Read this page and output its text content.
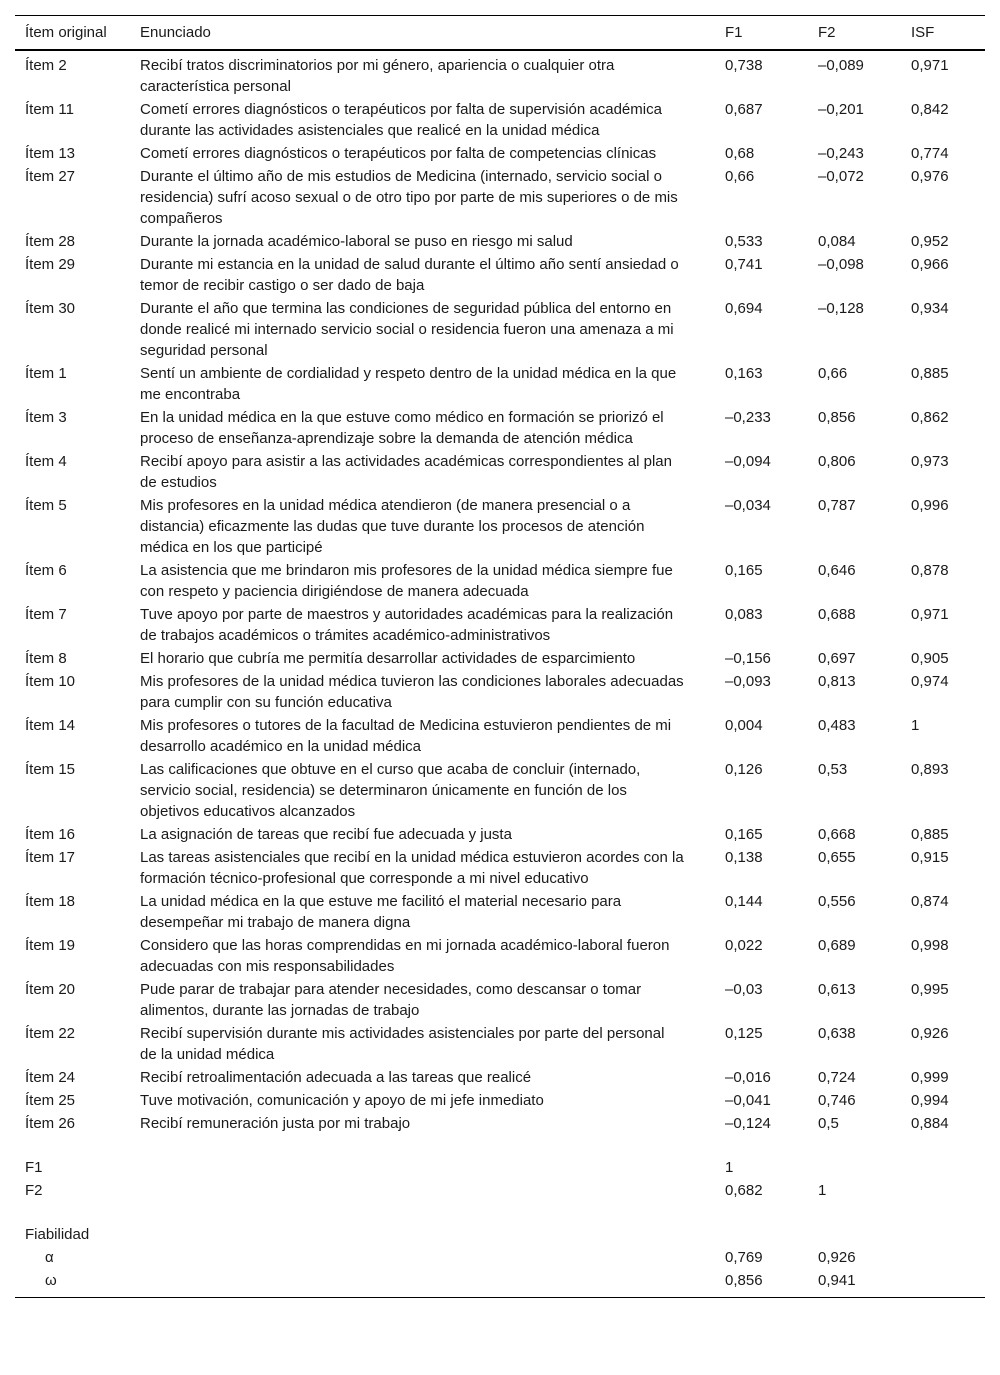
Ítem original	Enunciado	F1	F2	ISF
Ítem 2	Recibí tratos discriminatorios por mi género, apariencia o cualquier otra característica personal	0,738	–0,089	0,971
Ítem 11	Cometí errores diagnósticos o terapéuticos por falta de supervisión académica durante las actividades asistenciales que realicé en la unidad médica	0,687	–0,201	0,842
Ítem 13	Cometí errores diagnósticos o terapéuticos por falta de competencias clínicas	0,68	–0,243	0,774
Ítem 27	Durante el último año de mis estudios de Medicina (internado, servicio social o residencia) sufrí acoso sexual o de otro tipo por parte de mis superiores o de mis compañeros	0,66	–0,072	0,976
Ítem 28	Durante la jornada académico-laboral se puso en riesgo mi salud	0,533	0,084	0,952
Ítem 29	Durante mi estancia en la unidad de salud durante el último año sentí ansiedad o temor de recibir castigo o ser dado de baja	0,741	–0,098	0,966
Ítem 30	Durante el año que termina las condiciones de seguridad pública del entorno en donde realicé mi internado servicio social o residencia fueron una amenaza a mi seguridad personal	0,694	–0,128	0,934
Ítem 1	Sentí un ambiente de cordialidad y respeto dentro de la unidad médica en la que me encontraba	0,163	0,66	0,885
Ítem 3	En la unidad médica en la que estuve como médico en formación se priorizó el proceso de enseñanza-aprendizaje sobre la demanda de atención médica	–0,233	0,856	0,862
Ítem 4	Recibí apoyo para asistir a las actividades académicas correspondientes al plan de estudios	–0,094	0,806	0,973
Ítem 5	Mis profesores en la unidad médica atendieron (de manera presencial o a distancia) eficazmente las dudas que tuve durante los procesos de atención médica en los que participé	–0,034	0,787	0,996
Ítem 6	La asistencia que me brindaron mis profesores de la unidad médica siempre fue con respeto y paciencia dirigiéndose de manera adecuada	0,165	0,646	0,878
Ítem 7	Tuve apoyo por parte de maestros y autoridades académicas para la realización de trabajos académicos o trámites académico-administrativos	0,083	0,688	0,971
Ítem 8	El horario que cubría me permitía desarrollar actividades de esparcimiento	–0,156	0,697	0,905
Ítem 10	Mis profesores de la unidad médica tuvieron las condiciones laborales adecuadas para cumplir con su función educativa	–0,093	0,813	0,974
Ítem 14	Mis profesores o tutores de la facultad de Medicina estuvieron pendientes de mi desarrollo académico en la unidad médica	0,004	0,483	1
Ítem 15	Las calificaciones que obtuve en el curso que acaba de concluir (internado, servicio social, residencia) se determinaron únicamente en función de los objetivos educativos alcanzados	0,126	0,53	0,893
Ítem 16	La asignación de tareas que recibí fue adecuada y justa	0,165	0,668	0,885
Ítem 17	Las tareas asistenciales que recibí en la unidad médica estuvieron acordes con la formación técnico-profesional que corresponde a mi nivel educativo	0,138	0,655	0,915
Ítem 18	La unidad médica en la que estuve me facilitó el material necesario para desempeñar mi trabajo de manera digna	0,144	0,556	0,874
Ítem 19	Considero que las horas comprendidas en mi jornada académico-laboral fueron adecuadas con mis responsabilidades	0,022	0,689	0,998
Ítem 20	Pude parar de trabajar para atender necesidades, como descansar o tomar alimentos, durante las jornadas de trabajo	–0,03	0,613	0,995
Ítem 22	Recibí supervisión durante mis actividades asistenciales por parte del personal de la unidad médica	0,125	0,638	0,926
Ítem 24	Recibí retroalimentación adecuada a las tareas que realicé	–0,016	0,724	0,999
Ítem 25	Tuve motivación, comunicación y apoyo de mi jefe inmediato	–0,041	0,746	0,994
Ítem 26	Recibí remuneración justa por mi trabajo	–0,124	0,5	0,884

F1		1		
F2		0,682	1	

Fiabilidad				
α		0,769	0,926	
ω		0,856	0,941	
